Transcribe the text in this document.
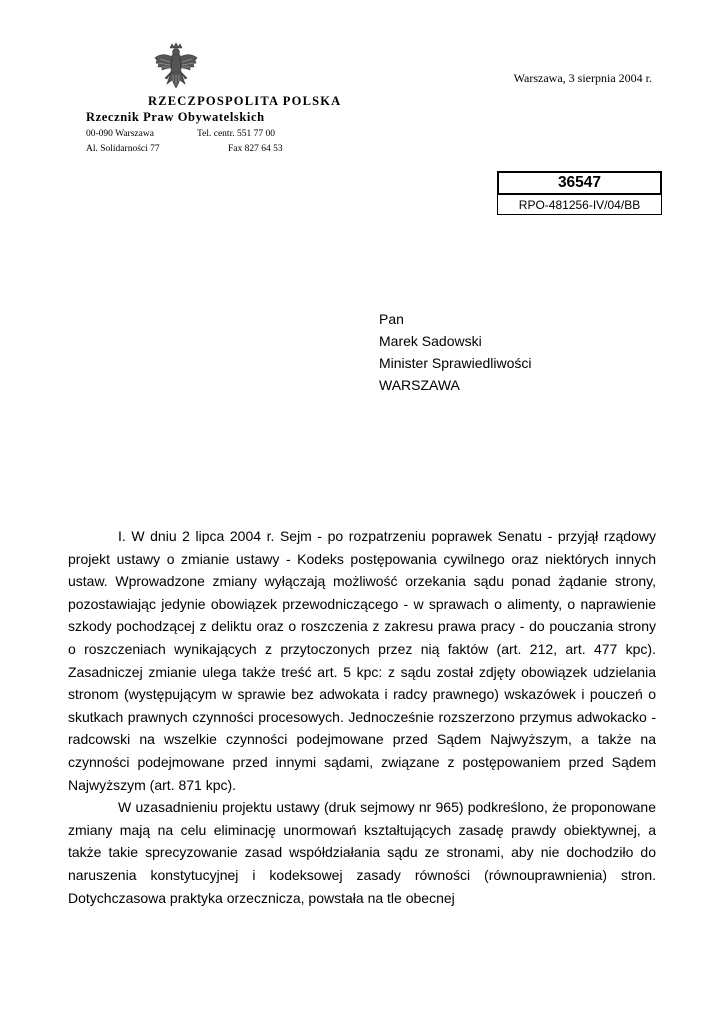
Warszawa, 3 sierpnia 2004 r.
RZECZPOSPOLITA POLSKA
Rzecznik Praw Obywatelskich
00-090 Warszawa
Al. Solidarności 77
Tel. centr. 551 77 00
Fax 827 64 53
36547
RPO-481256-IV/04/BB
Pan
Marek Sadowski
Minister Sprawiedliwości
WARSZAWA

I. W dniu 2 lipca 2004 r. Sejm - po rozpatrzeniu poprawek Senatu - przyjął rządowy projekt ustawy o zmianie ustawy - Kodeks postępowania cywilnego oraz niektórych innych ustaw. Wprowadzone zmiany wyłączają możliwość orzekania sądu ponad żądanie strony, pozostawiając jedynie obowiązek przewodniczącego - w sprawach o alimenty, o naprawienie szkody pochodzącej z deliktu oraz o roszczenia z zakresu prawa pracy - do pouczania strony o roszczeniach wynikających z przytoczonych przez nią faktów (art. 212, art. 477 kpc). Zasadniczej zmianie ulega także treść art. 5 kpc: z sądu został zdjęty obowiązek udzielania stronom (występującym w sprawie bez adwokata i radcy prawnego) wskazówek i pouczeń o skutkach prawnych czynności procesowych. Jednocześnie rozszerzono przymus adwokacko - radcowski na wszelkie czynności podejmowane przed Sądem Najwyższym, a także na czynności podejmowane przed innymi sądami, związane z postępowaniem przed Sądem Najwyższym (art. 871 kpc).

W uzasadnieniu projektu ustawy (druk sejmowy nr 965) podkreślono, że proponowane zmiany mają na celu eliminację unormowań kształtujących zasadę prawdy obiektywnej, a także takie sprecyzowanie zasad współdziałania sądu ze stronami, aby nie dochodziło do naruszenia konstytucyjnej i kodeksowej zasady równości (równouprawnienia) stron. Dotychczasowa praktyka orzecznicza, powstała na tle obecnej
